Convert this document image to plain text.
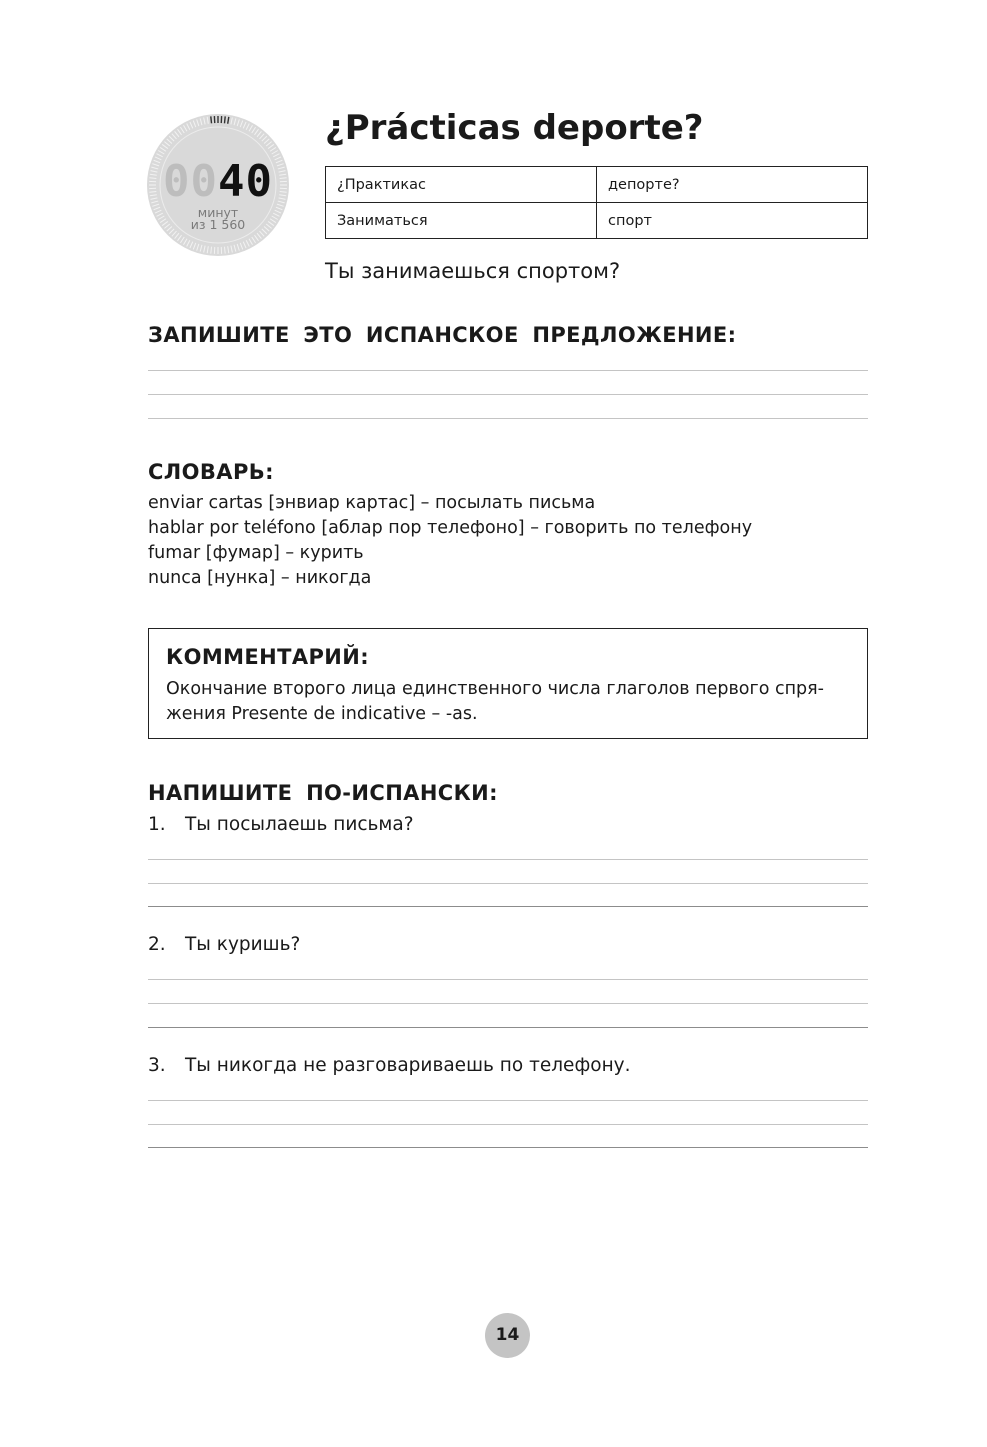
0040
минут
из 1 560
¿Prácticas deporte?
¿Практикас	депорте?
Заниматься	спорт
Ты занимаешься спортом?
ЗАПИШИТЕ ЭТО ИСПАНСКОЕ ПРЕДЛОЖЕНИЕ:
СЛОВАРЬ:
enviar cartas [энвиар картас] – посылать письма
hablar por teléfono [аблар пор телефоно] – говорить по телефону
fumar [фумар] – курить
nunca [нунка] – никогда
КОММЕНТАРИЙ:
Окончание второго лица единственного числа глаголов первого спря-жения Presente de indicative – -as.
НАПИШИТЕ ПО-ИСПАНСКИ:
1. Ты посылаешь письма?
2. Ты куришь?
3. Ты никогда не разговариваешь по телефону.
14
